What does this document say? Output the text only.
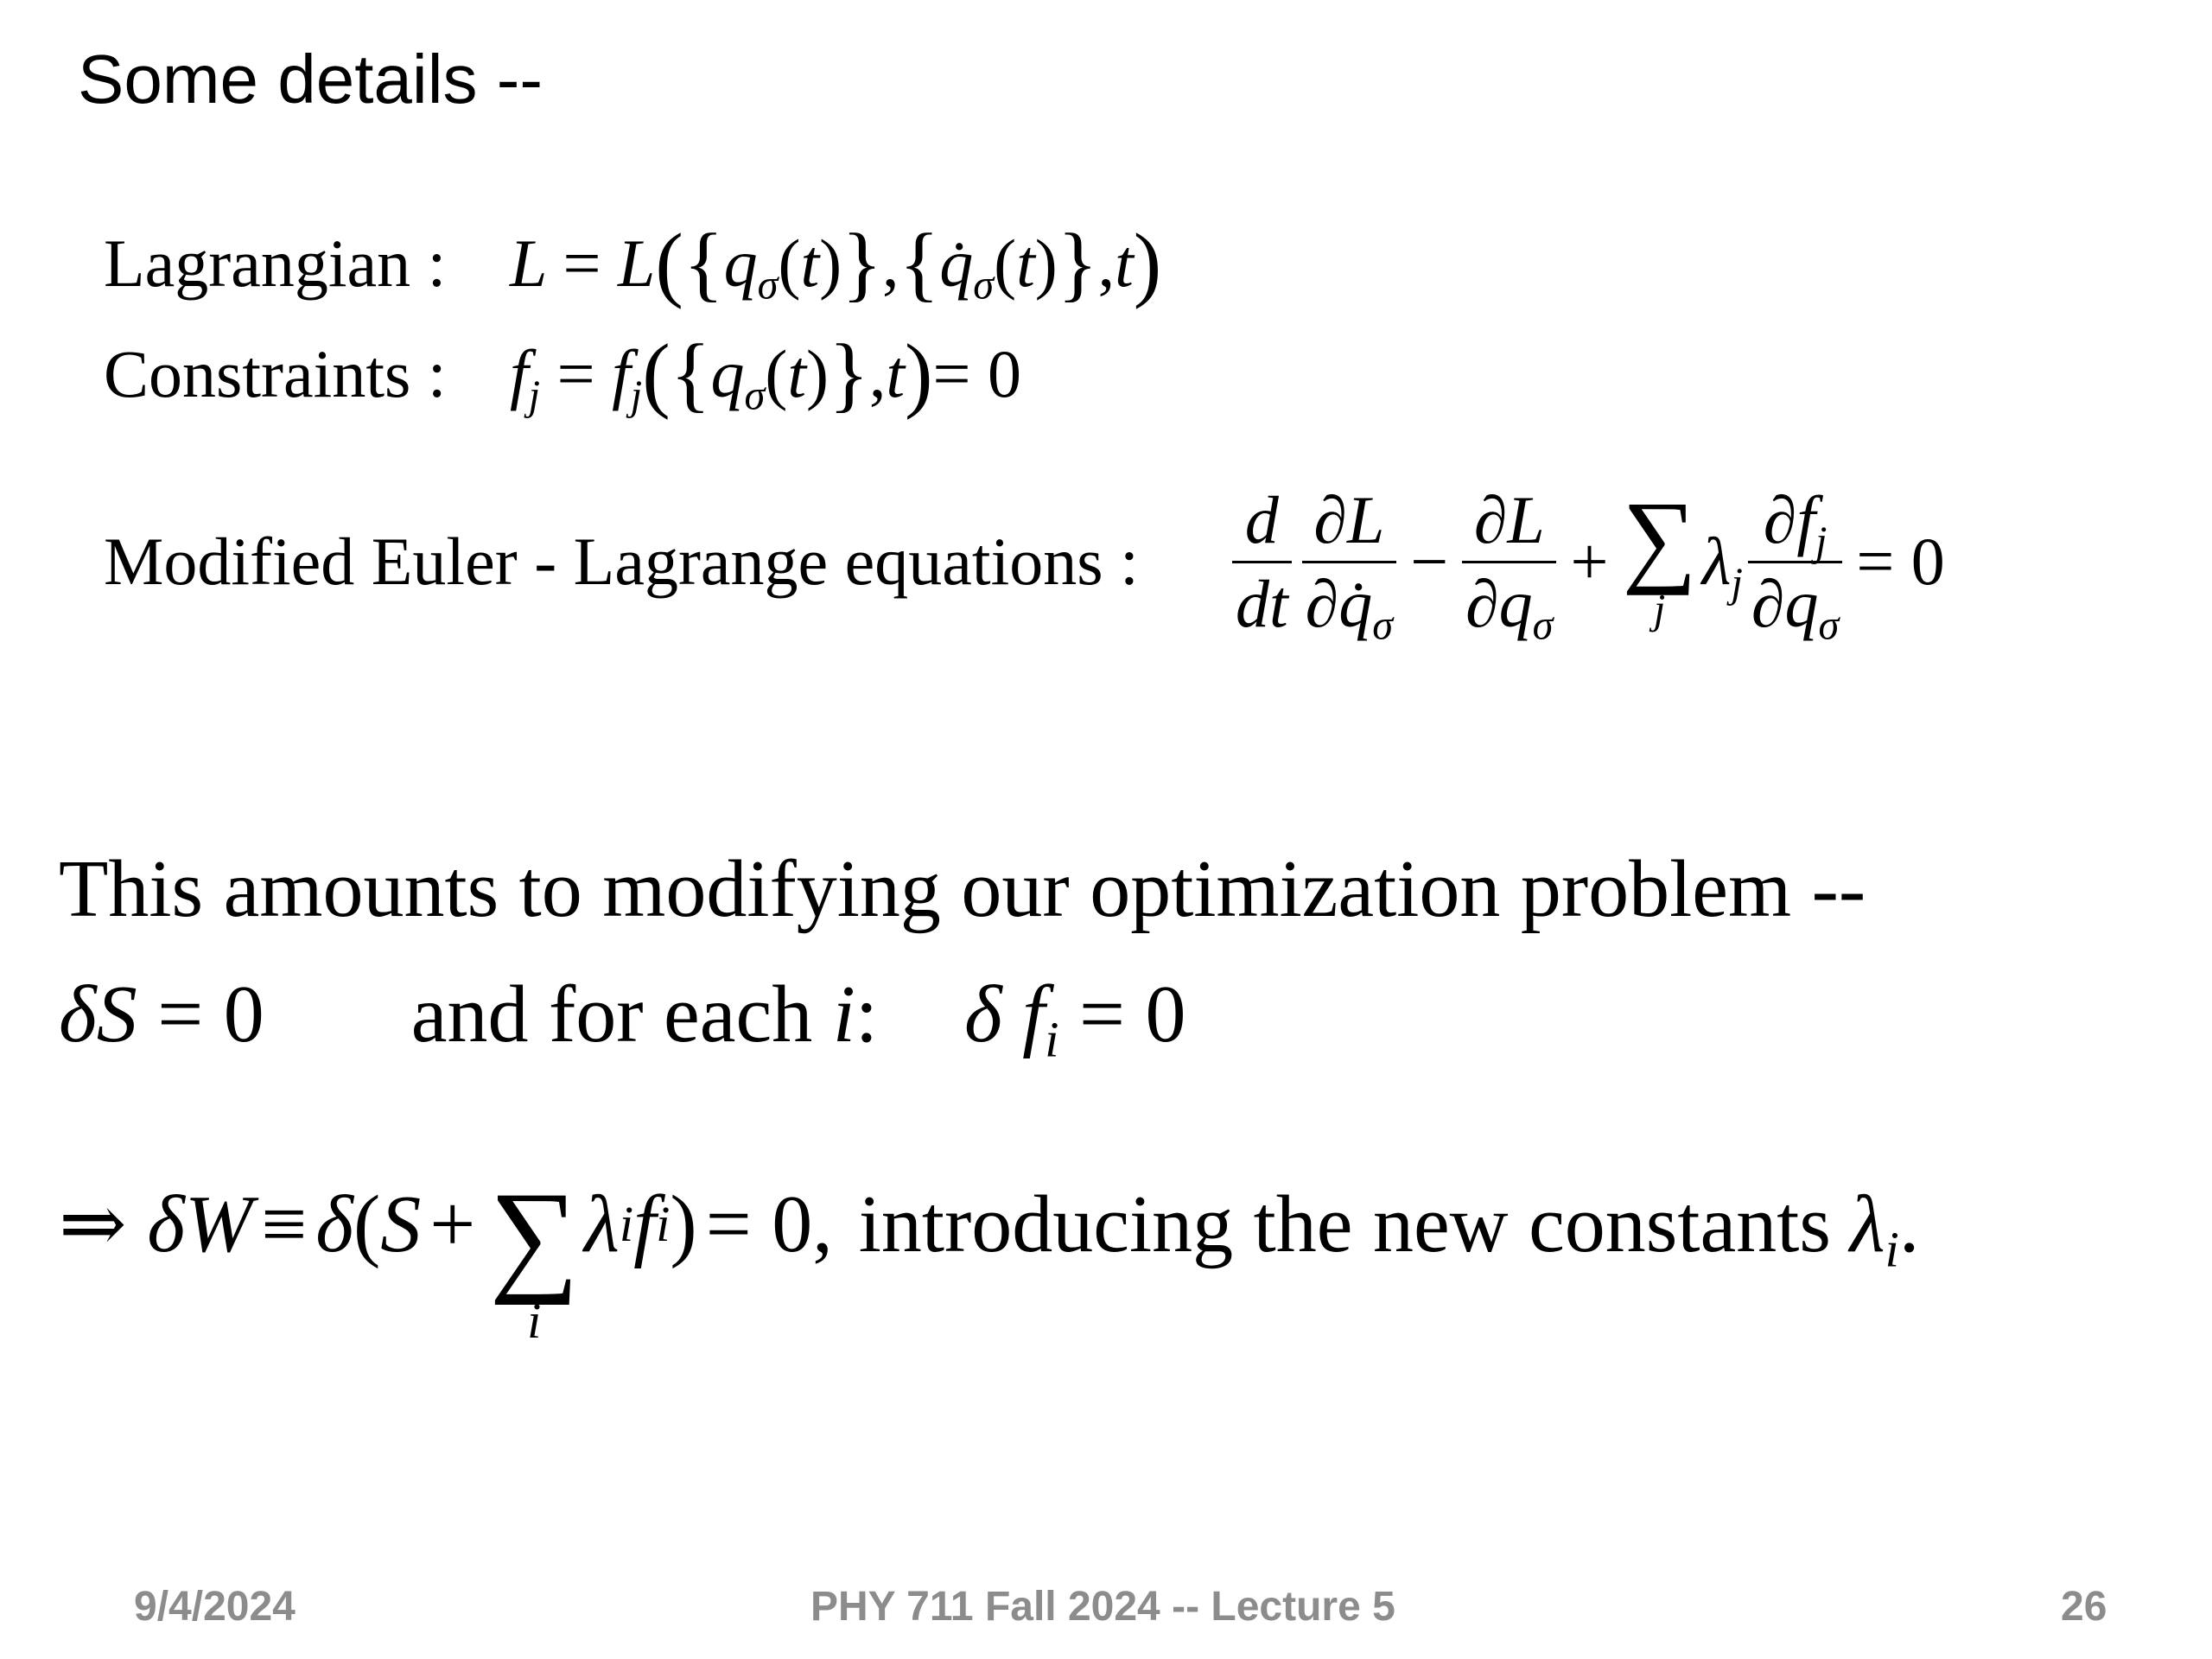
Some details --
Lagrangian : $L = L(\{q_\sigma(t)\},\{q̇_\sigma(t)\},t)$
Constraints : $f_j = f_j(\{q_\sigma(t)\},t)= 0$
Modified Euler - Lagrange equations :	$\frac{d}{dt} \frac{\partial L}{\partial q̇_\sigma} - \frac{\partial L}{\partial q_\sigma}$ + ∑
j
$\lambda_j \frac{\partial f_j}{\partial q_\sigma} = 0$
This amounts to modifying our optimization problem --
δS = 0 and for each i: δ $f_i = 0$
⇒ δW ≡ δ ( S + ∑
i
λ i f i ) = 0, introducing the new constants $\lambda_i$.
9/4/2024	PHY 711 Fall 2024 -- Lecture 5	26
